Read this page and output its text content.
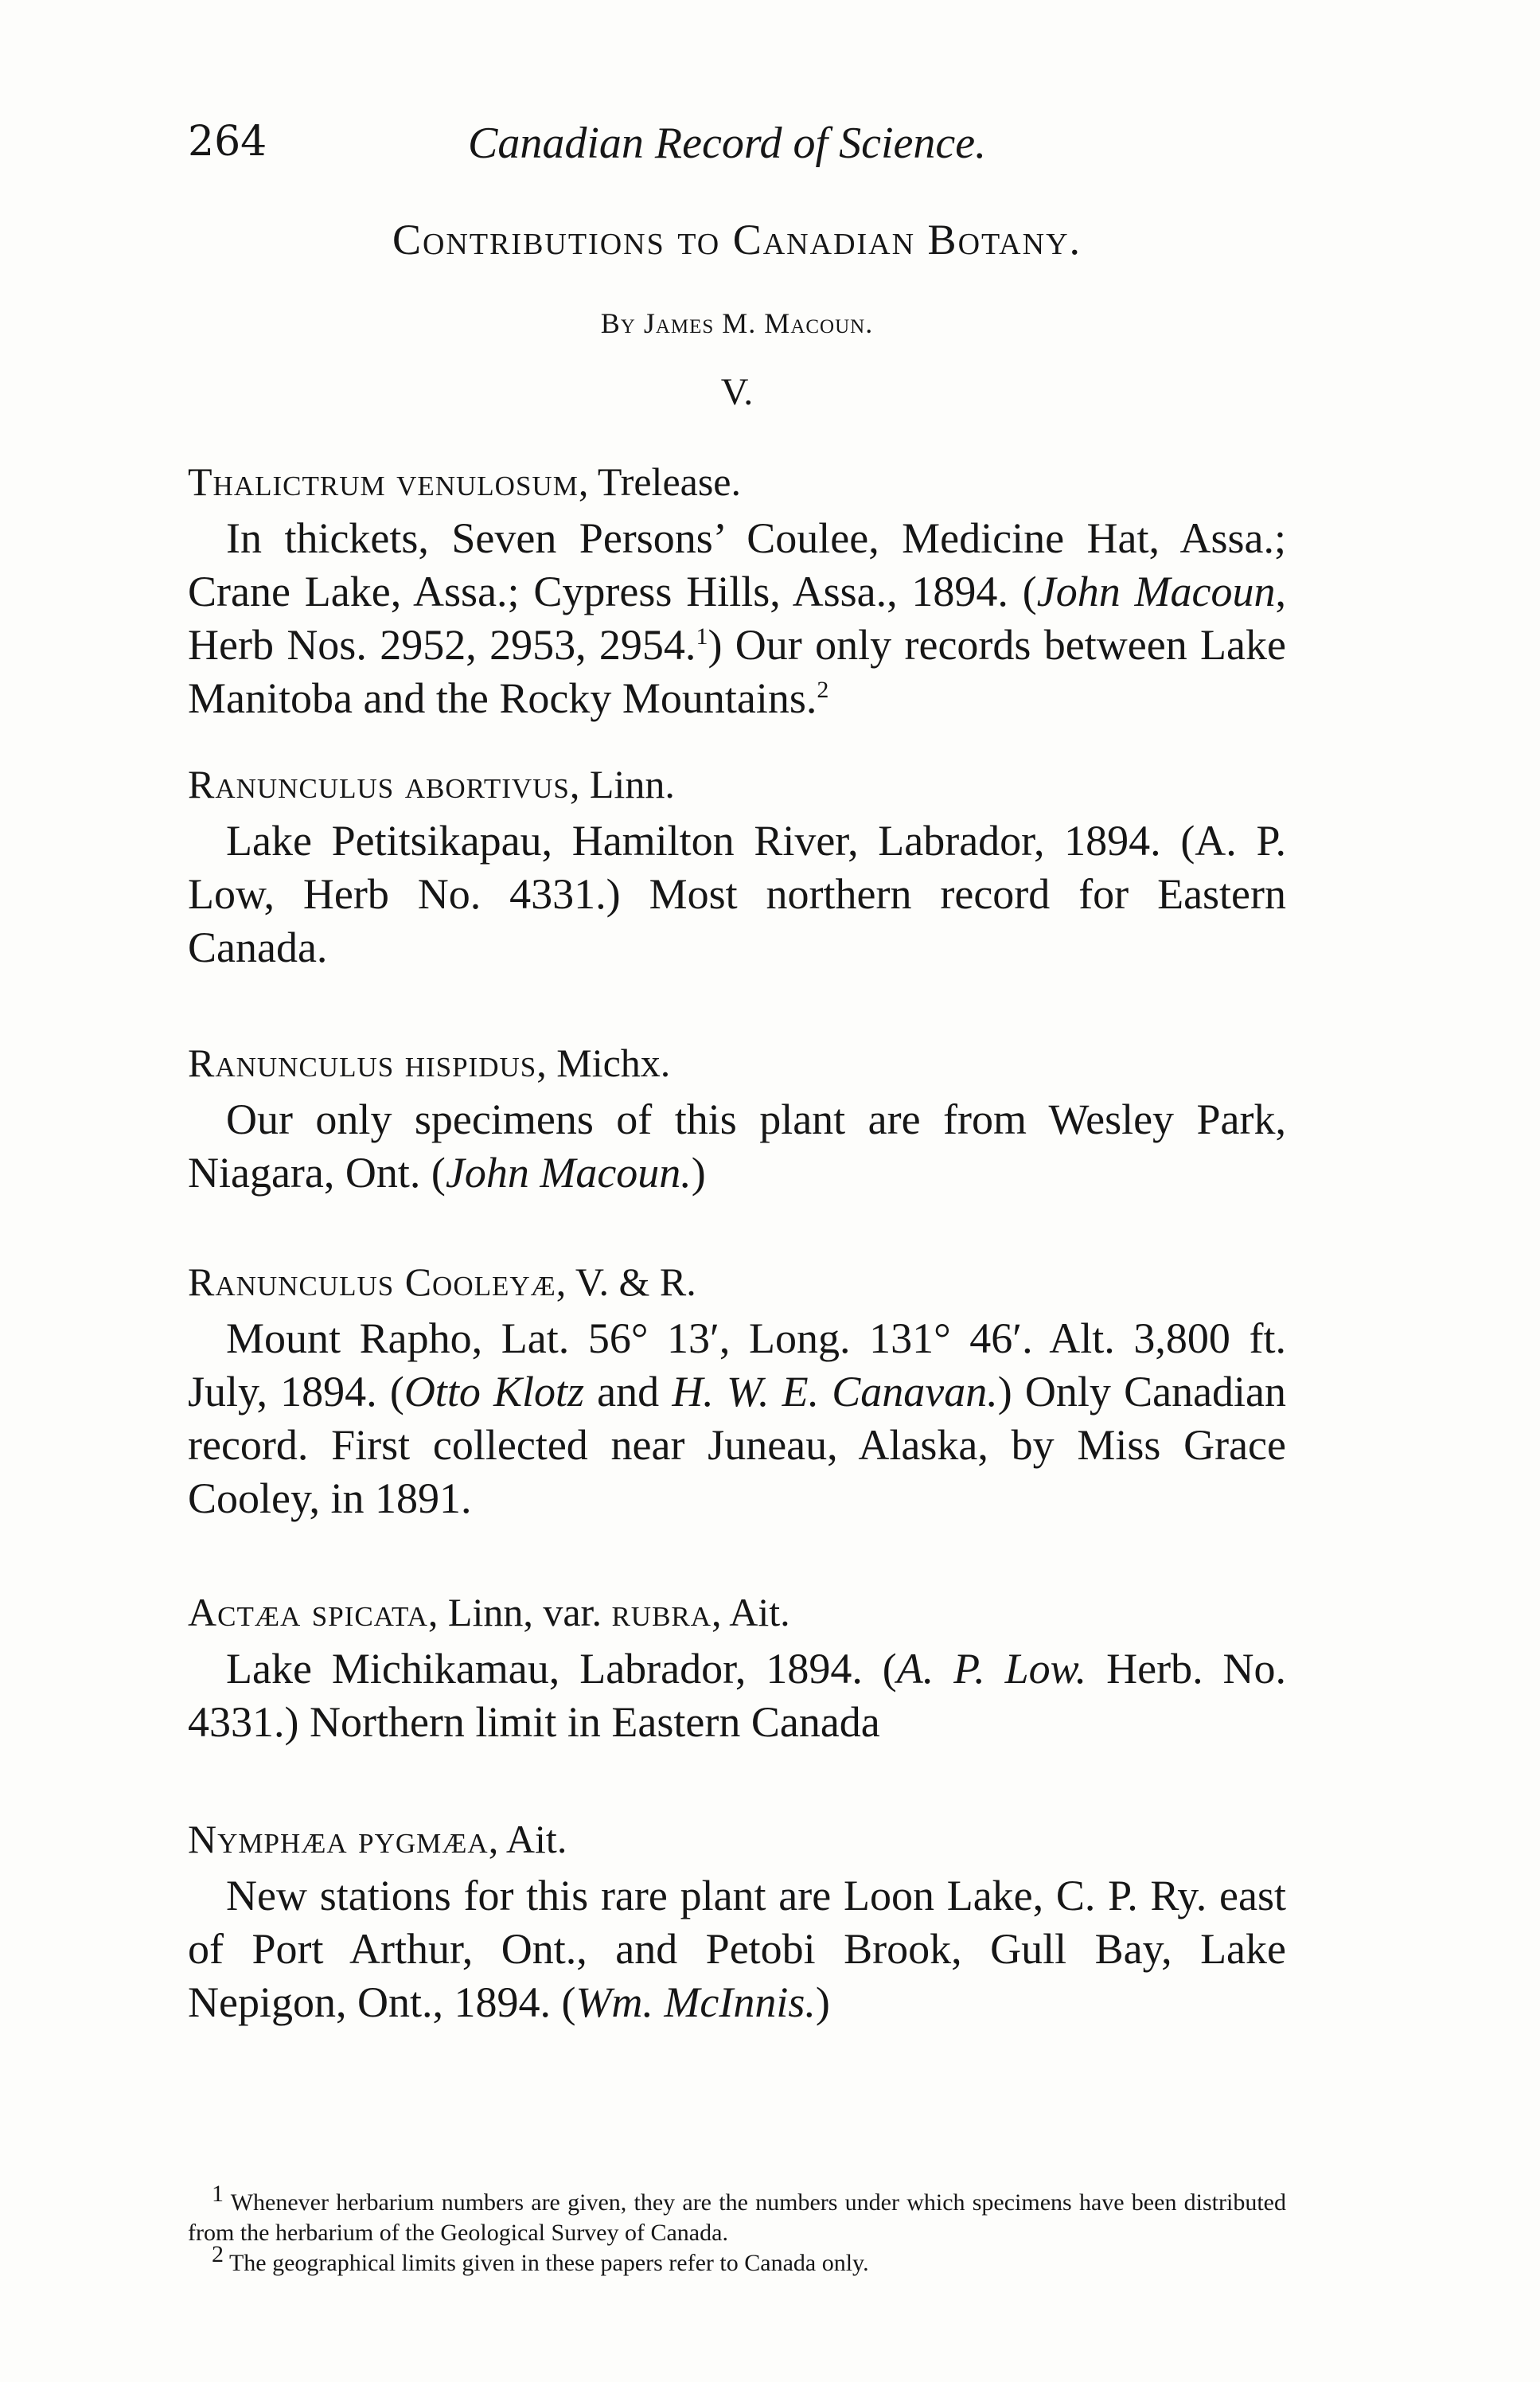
264	Canadian Record of Science.
Contributions to Canadian Botany.
By James M. Macoun.
V.
Thalictrum venulosum, Trelease.
In thickets, Seven Persons’ Coulee, Medicine Hat, Assa.; Crane Lake, Assa.; Cypress Hills, Assa., 1894. (John Macoun, Herb Nos. 2952, 2953, 2954.$^1$) Our only records between Lake Manitoba and the Rocky Mountains.$^2$
Ranunculus abortivus, Linn.
Lake Petitsikapau, Hamilton River, Labrador, 1894. (A. P. Low, Herb No. 4331.) Most northern record for Eastern Canada.
Ranunculus hispidus, Michx.
Our only specimens of this plant are from Wesley Park, Niagara, Ont. (John Macoun.)
Ranunculus Cooleyæ, V. & R.
Mount Rapho, Lat. 56° 13′, Long. 131° 46′. Alt. 3,800 ft. July, 1894. (Otto Klotz and H. W. E. Canavan.) Only Canadian record. First collected near Juneau, Alaska, by Miss Grace Cooley, in 1891.
Actæa spicata, Linn, var. rubra, Ait.
Lake Michikamau, Labrador, 1894. (A. P. Low. Herb. No. 4331.) Northern limit in Eastern Canada
Nymphæa pygmæa, Ait.
New stations for this rare plant are Loon Lake, C. P. Ry. east of Port Arthur, Ont., and Petobi Brook, Gull Bay, Lake Nepigon, Ont., 1894. (Wm. McInnis.)

$^1$ Whenever herbarium numbers are given, they are the numbers under which specimens have been distributed from the herbarium of the Geological Survey of Canada.

$^2$ The geographical limits given in these papers refer to Canada only.
